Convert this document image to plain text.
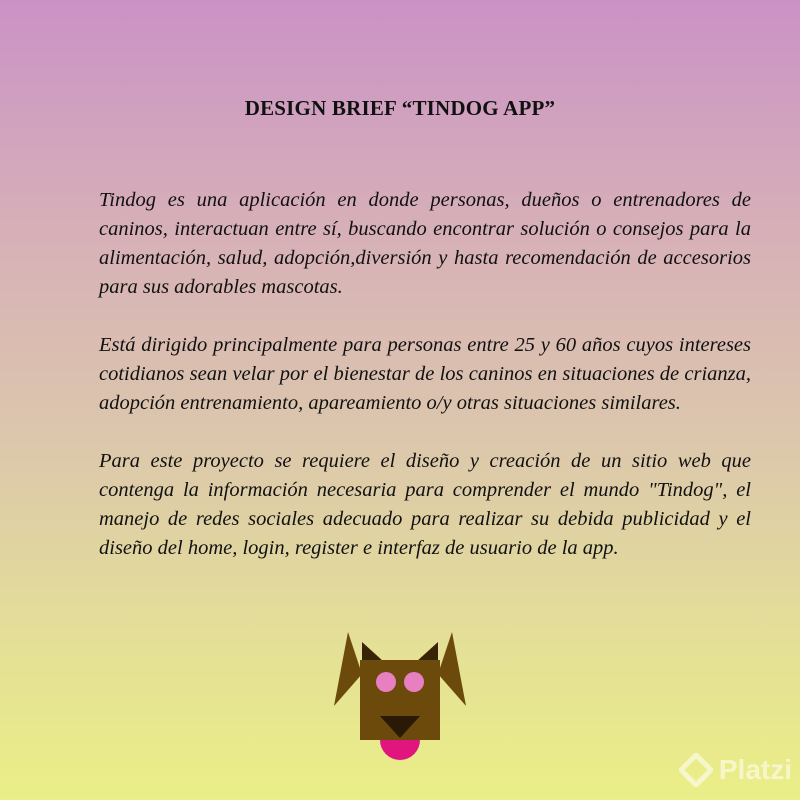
DESIGN BRIEF “TINDOG APP”

Tindog es una aplicación en donde personas, dueños o entrenadores de caninos, interactuan entre sí, buscando encontrar solución o consejos para la alimentación, salud, adopción,diversión y hasta recomendación de accesorios para sus adorables mascotas.

Está dirigido principalmente para personas entre 25 y 60 años cuyos intereses cotidianos sean velar por el bienestar de los caninos en situaciones de crianza, adopción entrenamiento, apareamiento o/y otras situaciones similares.

Para este proyecto se requiere el diseño y creación de un sitio web que contenga la información necesaria para comprender el mundo "Tindog", el manejo de redes sociales adecuado para realizar su debida publicidad y el diseño del home, login, register e interfaz de usuario de la app.

Platzi
